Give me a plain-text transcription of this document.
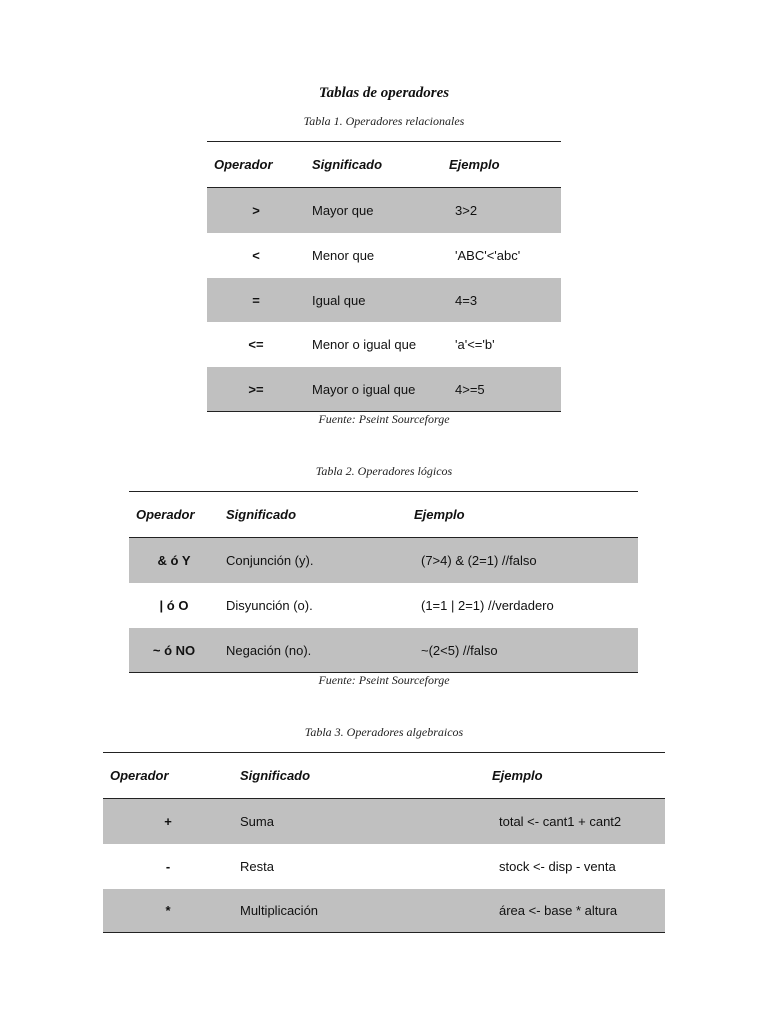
Tablas de operadores
Tabla 1. Operadores relacionales
Operador	Significado	Ejemplo
>	Mayor que	3>2
<	Menor que	'ABC'<'abc'
=	Igual que	4=3
<=	Menor o igual que	'a'<='b'
>=	Mayor o igual que	4>=5
Fuente: Pseint Sourceforge
Tabla 2. Operadores lógicos
Operador	Significado	Ejemplo
& ó Y	Conjunción (y).	(7>4) & (2=1) //falso
| ó O	Disyunción (o).	(1=1 | 2=1) //verdadero
~ ó NO	Negación (no).	~(2<5) //falso
Fuente: Pseint Sourceforge
Tabla 3. Operadores algebraicos
Operador	Significado	Ejemplo
+	Suma	total <- cant1 + cant2
-	Resta	stock <- disp - venta
*	Multiplicación	área <- base * altura
